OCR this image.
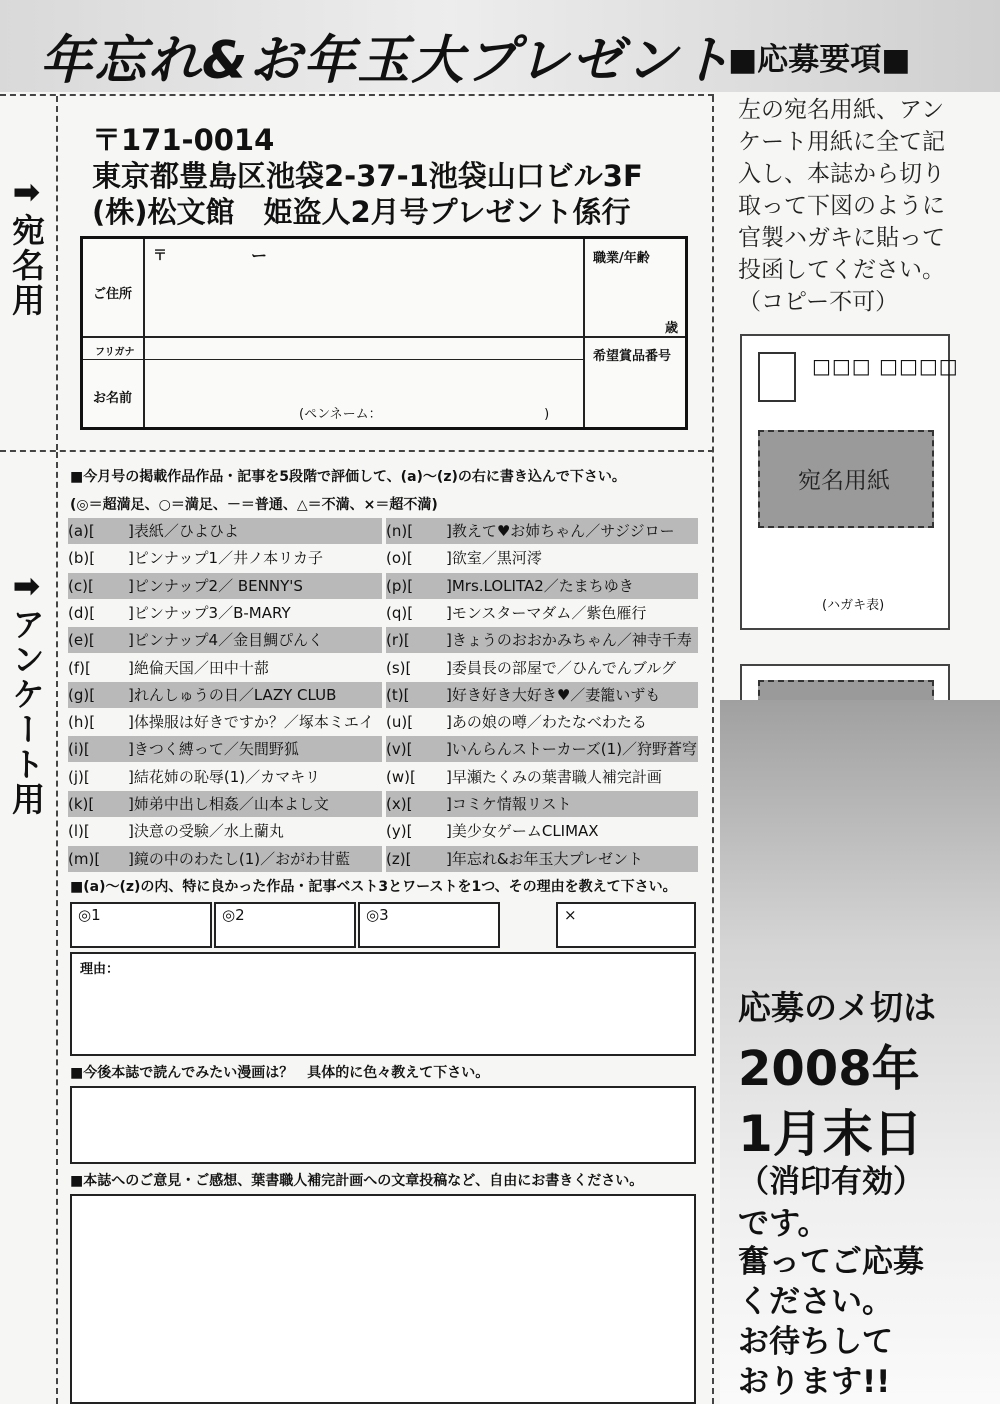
年忘れ&お年玉大プレゼント
■応募要項■
➡宛名用
➡アンケート用
〒171-0014
東京都豊島区池袋2-37-1池袋山口ビル3F
(株)松文館　姫盗人2月号プレゼント係行
〒	ー
ご住所
職業/年齢
歳
フリガナ
お名前
希望賞品番号
(ペンネーム：　　　　　　　　　　　　　)
■今月号の掲載作品作品・記事を5段階で評価して、(a)〜(z)の右に書き込んで下さい。
(◎＝超満足、○＝満足、－＝普通、△＝不満、×＝超不満)
(a)[ ]表紙／ひよひよ
(b)[ ]ピンナップ1／井ノ本リカ子
(c)[ ]ピンナップ2／ BENNY'S
(d)[ ]ピンナップ3／B-MARY
(e)[ ]ピンナップ4／金目鯛ぴんく
(f)[ ]絶倫天国／田中十蔀
(g)[ ]れんしゅうの日／LAZY CLUB
(h)[ ]体操服は好きですか？／塚本ミエイ
(i)[	]きつく縛って／矢間野狐
(j)[	]結花姉の恥辱(1)／カマキリ
(k)[ ]姉弟中出し相姦／山本よし文
(l)[	]決意の受験／水上蘭丸
(m)[ ]鏡の中のわたし(1)／おがわ甘藍
(n)[ ]教えて♥お姉ちゃん／サジジロー
(o)[ ]欲室／黒河澪
(p)[ ]Mrs.LOLITA2／たまちゆき
(q)[ ]モンスターマダム／紫色雁行
(r)[ ]きょうのおおかみちゃん／神寺千寿
(s)[ ]委員長の部屋で／ひんでんブルグ
(t)[ ]好き好き大好き♥／妻籠いずも
(u)[ ]あの娘の噂／わたなべわたる
(v)[ ]いんらんストーカーズ(1)／狩野蒼穹
(w)[ ]早瀬たくみの葉書職人補完計画
(x)[ ]コミケ情報リスト
(y)[ ]美少女ゲームCLIMAX
(z)[ ]年忘れ&お年玉大プレゼント
■(a)〜(z)の内、特に良かった作品・記事ベスト3とワーストを1つ、その理由を教えて下さい。
◎1	◎2	◎3	×
理由：
■今後本誌で読んでみたい漫画は？　具体的に色々教えて下さい。
■本誌へのご意見・ご感想、葉書職人補完計画への文章投稿など、自由にお書きください。
左の宛名用紙、アンケート用紙に全て記入し、本誌から切り取って下図のように官製ハガキに貼って投函してください。（コピー不可）
□□□ □□□□
宛名用紙
(ハガキ表)
応募のメ切は
2008年
1月末日
（消印有効）
です。
奮ってご応募
ください。
お待ちして
おります!!
